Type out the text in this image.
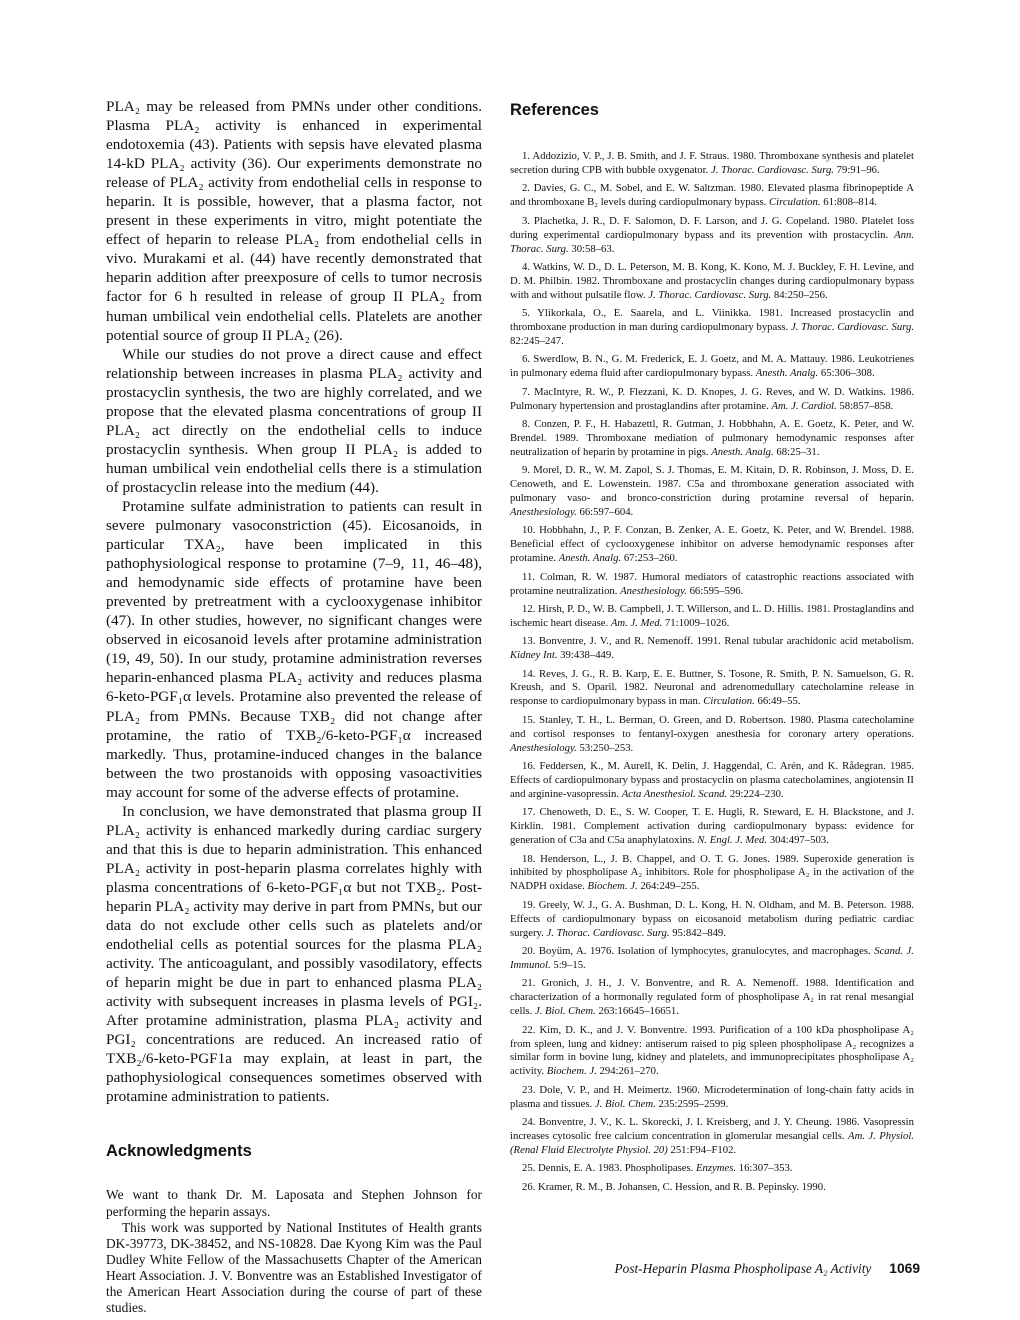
PLA₂ may be released from PMNs under other conditions. Plasma PLA₂ activity is enhanced in experimental endotoxemia (43). Patients with sepsis have elevated plasma 14-kD PLA₂ activity (36). Our experiments demonstrate no release of PLA₂ activity from endothelial cells in response to heparin. It is possible, however, that a plasma factor, not present in these experiments in vitro, might potentiate the effect of heparin to release PLA₂ from endothelial cells in vivo. Murakami et al. (44) have recently demonstrated that heparin addition after preexposure of cells to tumor necrosis factor for 6 h resulted in release of group II PLA₂ from human umbilical vein endothelial cells. Platelets are another potential source of group II PLA₂ (26).

While our studies do not prove a direct cause and effect relationship between increases in plasma PLA₂ activity and prostacyclin synthesis, the two are highly correlated, and we propose that the elevated plasma concentrations of group II PLA₂ act directly on the endothelial cells to induce prostacyclin synthesis. When group II PLA₂ is added to human umbilical vein endothelial cells there is a stimulation of prostacyclin release into the medium (44).

Protamine sulfate administration to patients can result in severe pulmonary vasoconstriction (45). Eicosanoids, in particular TXA₂, have been implicated in this pathophysiological response to protamine (7–9, 11, 46–48), and hemodynamic side effects of protamine have been prevented by pretreatment with a cyclooxygenase inhibitor (47). In other studies, however, no significant changes were observed in eicosanoid levels after protamine administration (19, 49, 50). In our study, protamine administration reverses heparin-enhanced plasma PLA₂ activity and reduces plasma 6-keto-PGF₁α levels. Protamine also prevented the release of PLA₂ from PMNs. Because TXB₂ did not change after protamine, the ratio of TXB₂/6-keto-PGF₁α increased markedly. Thus, protamine-induced changes in the balance between the two prostanoids with opposing vasoactivities may account for some of the adverse effects of protamine.

In conclusion, we have demonstrated that plasma group II PLA₂ activity is enhanced markedly during cardiac surgery and that this is due to heparin administration. This enhanced PLA₂ activity in post-heparin plasma correlates highly with plasma concentrations of 6-keto-PGF₁α but not TXB₂. Post-heparin PLA₂ activity may derive in part from PMNs, but our data do not exclude other cells such as platelets and/or endothelial cells as potential sources for the plasma PLA₂ activity. The anticoagulant, and possibly vasodilatory, effects of heparin might be due in part to enhanced plasma PLA₂ activity with subsequent increases in plasma levels of PGI₂. After protamine administration, plasma PLA₂ activity and PGI₂ concentrations are reduced. An increased ratio of TXB₂/6-keto-PGF1a may explain, at least in part, the pathophysiological consequences sometimes observed with protamine administration to patients.

Acknowledgments

We want to thank Dr. M. Laposata and Stephen Johnson for performing the heparin assays.

This work was supported by National Institutes of Health grants DK-39773, DK-38452, and NS-10828. Dae Kyong Kim was the Paul Dudley White Fellow of the Massachusetts Chapter of the American Heart Association. J. V. Bonventre was an Established Investigator of the American Heart Association during the course of part of these studies.

References
1. Addozizio, V. P., J. B. Smith, and J. F. Straus. 1980. Thromboxane synthesis and platelet secretion during CPB with bubble oxygenator. J. Thorac. Cardiovasc. Surg. 79:91–96.
2. Davies, G. C., M. Sobel, and E. W. Saltzman. 1980. Elevated plasma fibrinopeptide A and thromboxane B₂ levels during cardiopulmonary bypass. Circulation. 61:808–814.
3. Plachetka, J. R., D. F. Salomon, D. F. Larson, and J. G. Copeland. 1980. Platelet loss during experimental cardiopulmonary bypass and its prevention with prostacyclin. Ann. Thorac. Surg. 30:58–63.
4. Watkins, W. D., D. L. Peterson, M. B. Kong, K. Kono, M. J. Buckley, F. H. Levine, and D. M. Philbin. 1982. Thromboxane and prostacyclin changes during cardiopulmonary bypass with and without pulsatile flow. J. Thorac. Cardiovasc. Surg. 84:250–256.
5. Ylikorkala, O., E. Saarela, and L. Viinikka. 1981. Increased prostacyclin and thromboxane production in man during cardiopulmonary bypass. J. Thorac. Cardiovasc. Surg. 82:245–247.
6. Swerdlow, B. N., G. M. Frederick, E. J. Goetz, and M. A. Mattauy. 1986. Leukotrienes in pulmonary edema fluid after cardiopulmonary bypass. Anesth. Analg. 65:306–308.
7. MacIntyre, R. W., P. Flezzani, K. D. Knopes, J. G. Reves, and W. D. Watkins. 1986. Pulmonary hypertension and prostaglandins after protamine. Am. J. Cardiol. 58:857–858.
8. Conzen, P. F., H. Habazettl, R. Gutman, J. Hobbhahn, A. E. Goetz, K. Peter, and W. Brendel. 1989. Thromboxane mediation of pulmonary hemodynamic responses after neutralization of heparin by protamine in pigs. Anesth. Analg. 68:25–31.
9. Morel, D. R., W. M. Zapol, S. J. Thomas, E. M. Kitain, D. R. Robinson, J. Moss, D. E. Cenoweth, and E. Lowenstein. 1987. C5a and thromboxane generation associated with pulmonary vaso- and bronco-constriction during protamine reversal of heparin. Anesthesiology. 66:597–604.
10. Hobbhahn, J., P. F. Conzan, B. Zenker, A. E. Goetz, K. Peter, and W. Brendel. 1988. Beneficial effect of cyclooxygenese inhibitor on adverse hemodynamic responses after protamine. Anesth. Analg. 67:253–260.
11. Colman, R. W. 1987. Humoral mediators of catastrophic reactions associated with protamine neutralization. Anesthesiology. 66:595–596.
12. Hirsh, P. D., W. B. Campbell, J. T. Willerson, and L. D. Hillis. 1981. Prostaglandins and ischemic heart disease. Am. J. Med. 71:1009–1026.
13. Bonventre, J. V., and R. Nemenoff. 1991. Renal tubular arachidonic acid metabolism. Kidney Int. 39:438–449.
14. Reves, J. G., R. B. Karp, E. E. Buttner, S. Tosone, R. Smith, P. N. Samuelson, G. R. Kreush, and S. Oparil. 1982. Neuronal and adrenomedullary catecholamine release in response to cardiopulmonary bypass in man. Circulation. 66:49–55.
15. Stanley, T. H., L. Berman, O. Green, and D. Robertson. 1980. Plasma catecholamine and cortisol responses to fentanyl-oxygen anesthesia for coronary artery operations. Anesthesiology. 53:250–253.
16. Feddersen, K., M. Aurell, K. Delin, J. Haggendal, C. Arén, and K. Rådegran. 1985. Effects of cardiopulmonary bypass and prostacyclin on plasma catecholamines, angiotensin II and arginine-vasopressin. Acta Anesthesiol. Scand. 29:224–230.
17. Chenoweth, D. E., S. W. Cooper, T. E. Hugli, R. Steward, E. H. Blackstone, and J. Kirklin. 1981. Complement activation during cardiopulmonary bypass: evidence for generation of C3a and C5a anaphylatoxins. N. Engl. J. Med. 304:497–503.
18. Henderson, L., J. B. Chappel, and O. T. G. Jones. 1989. Superoxide generation is inhibited by phospholipase A₂ inhibitors. Role for phospholipase A₂ in the activation of the NADPH oxidase. Biochem. J. 264:249–255.
19. Greely, W. J., G. A. Bushman, D. L. Kong, H. N. Oldham, and M. B. Peterson. 1988. Effects of cardiopulmonary bypass on eicosanoid metabolism during pediatric cardiac surgery. J. Thorac. Cardiovasc. Surg. 95:842–849.
20. Boyüm, A. 1976. Isolation of lymphocytes, granulocytes, and macrophages. Scand. J. Immunol. 5:9–15.
21. Gronich, J. H., J. V. Bonventre, and R. A. Nemenoff. 1988. Identification and characterization of a hormonally regulated form of phospholipase A₂ in rat renal mesangial cells. J. Biol. Chem. 263:16645–16651.
22. Kim, D. K., and J. V. Bonventre. 1993. Purification of a 100 kDa phospholipase A₂ from spleen, lung and kidney: antiserum raised to pig spleen phospholipase A₂ recognizes a similar form in bovine lung, kidney and platelets, and immunoprecipitates phospholipase A₂ activity. Biochem. J. 294:261–270.
23. Dole, V. P., and H. Meimertz. 1960. Microdetermination of long-chain fatty acids in plasma and tissues. J. Biol. Chem. 235:2595–2599.
24. Bonventre, J. V., K. L. Skorecki, J. I. Kreisberg, and J. Y. Cheung. 1986. Vasopressin increases cytosolic free calcium concentration in glomerular mesangial cells. Am. J. Physiol. (Renal Fluid Electrolyte Physiol. 20) 251:F94–F102.
25. Dennis, E. A. 1983. Phospholipases. Enzymes. 16:307–353.
26. Kramer, R. M., B. Johansen, C. Hession, and R. B. Pepinsky. 1990.
Post-Heparin Plasma Phospholipase A₂ Activity 1069
